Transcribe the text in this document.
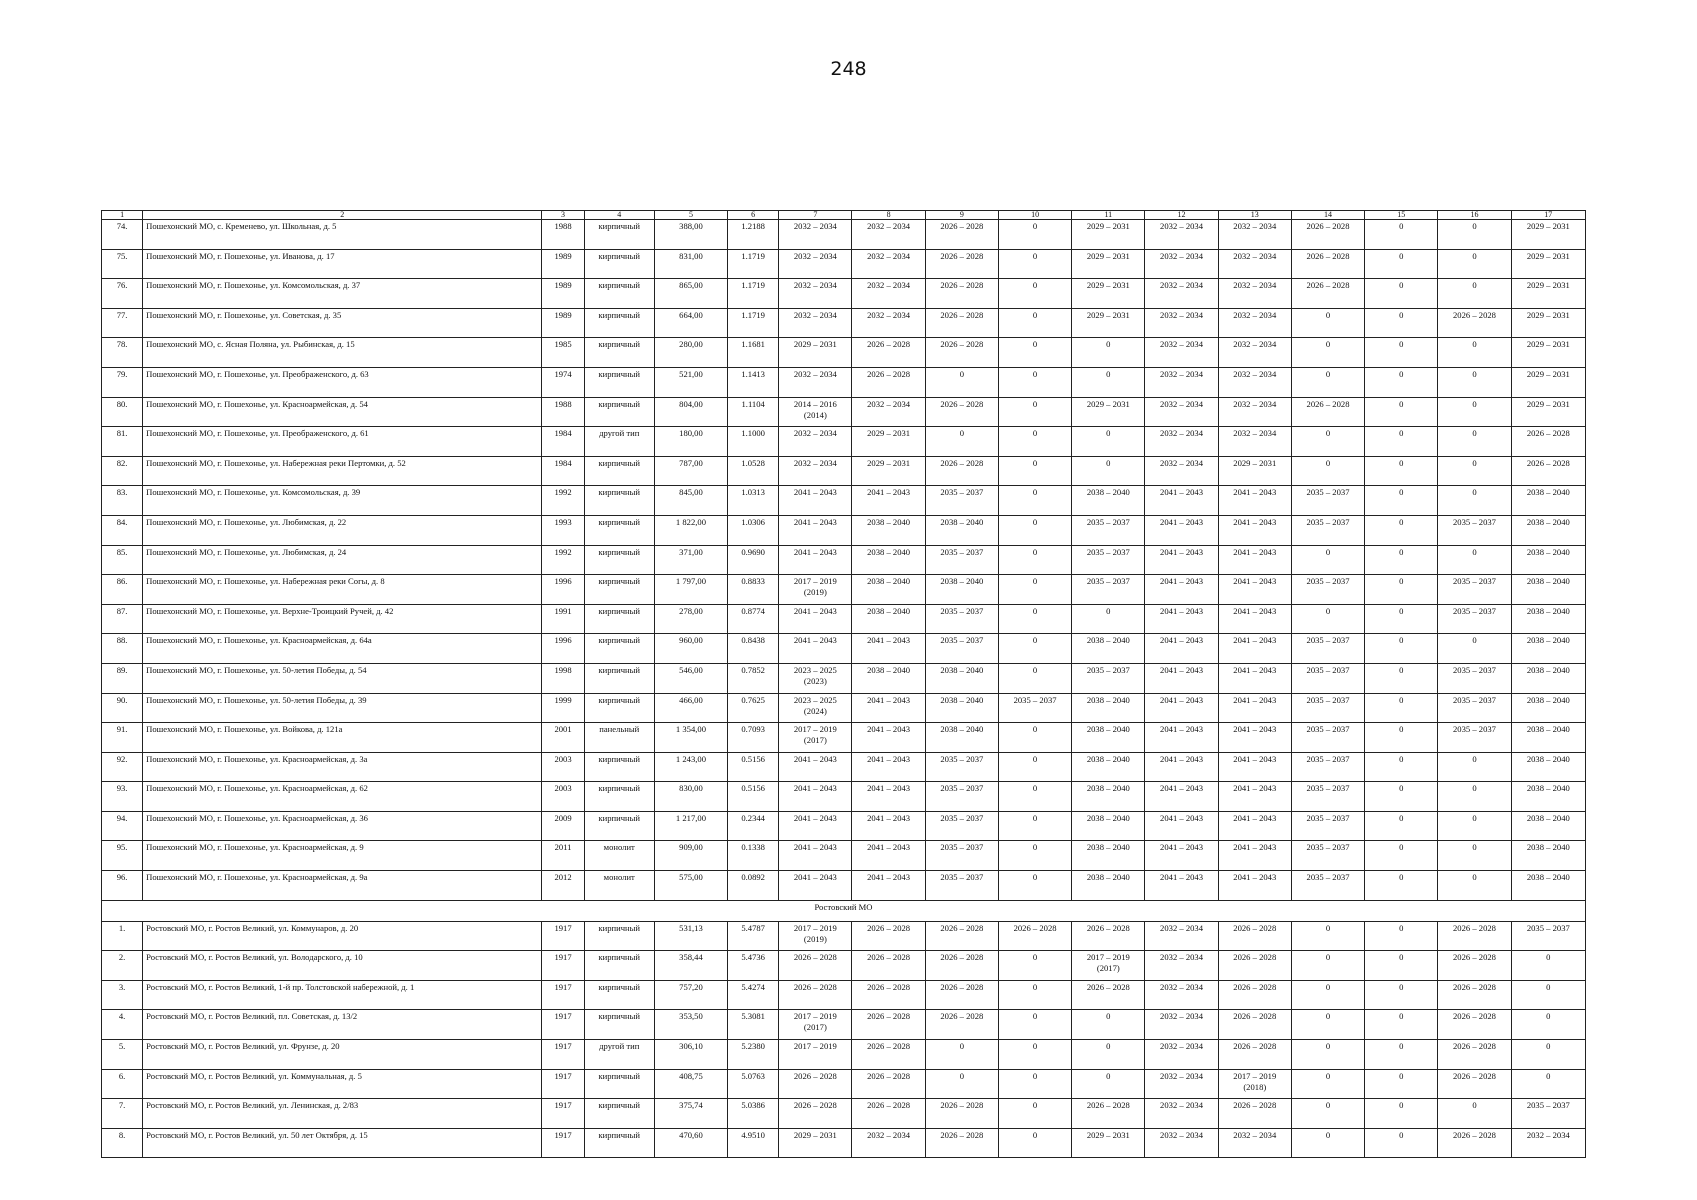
248
1	2	3	4	5	6	7	8	9	10	11	12	13	14	15	16	17

74.	Пошехонский МО, с. Кременево, ул. Школьная, д. 5	1988	кирпичный	388,00	1.2188	2032 – 2034	2032 – 2034	2026 – 2028	0	2029 – 2031	2032 – 2034	2032 – 2034	2026 – 2028	0	0	2029 – 2031

75.	Пошехонский МО, г. Пошехонье, ул. Иванова, д. 17	1989	кирпичный	831,00	1.1719	2032 – 2034	2032 – 2034	2026 – 2028	0	2029 – 2031	2032 – 2034	2032 – 2034	2026 – 2028	0	0	2029 – 2031

76.	Пошехонский МО, г. Пошехонье, ул. Комсомольская, д. 37	1989	кирпичный	865,00	1.1719	2032 – 2034	2032 – 2034	2026 – 2028	0	2029 – 2031	2032 – 2034	2032 – 2034	2026 – 2028	0	0	2029 – 2031

77.	Пошехонский МО, г. Пошехонье, ул. Советская, д. 35	1989	кирпичный	664,00	1.1719	2032 – 2034	2032 – 2034	2026 – 2028	0	2029 – 2031	2032 – 2034	2032 – 2034	0	0	2026 – 2028	2029 – 2031

78.	Пошехонский МО, с. Ясная Поляна, ул. Рыбинская, д. 15	1985	кирпичный	280,00	1.1681	2029 – 2031	2026 – 2028	2026 – 2028	0	0	2032 – 2034	2032 – 2034	0	0	0	2029 – 2031

79.	Пошехонский МО, г. Пошехонье, ул. Преображенского, д. 63	1974	кирпичный	521,00	1.1413	2032 – 2034	2026 – 2028	0	0	0	2032 – 2034	2032 – 2034	0	0	0	2029 – 2031

80.	Пошехонский МО, г. Пошехонье, ул. Красноармейская, д. 54	1988	кирпичный	804,00	1.1104	2014 – 2016
(2014)	2032 – 2034	2026 – 2028	0	2029 – 2031	2032 – 2034	2032 – 2034	2026 – 2028	0	0	2029 – 2031

81.	Пошехонский МО, г. Пошехонье, ул. Преображенского, д. 61	1984	другой тип	180,00	1.1000	2032 – 2034	2029 – 2031	0	0	0	2032 – 2034	2032 – 2034	0	0	0	2026 – 2028

82.	Пошехонский МО, г. Пошехонье, ул. Набережная реки Пертомки, д. 52	1984	кирпичный	787,00	1.0528	2032 – 2034	2029 – 2031	2026 – 2028	0	0	2032 – 2034	2029 – 2031	0	0	0	2026 – 2028

83.	Пошехонский МО, г. Пошехонье, ул. Комсомольская, д. 39	1992	кирпичный	845,00	1.0313	2041 – 2043	2041 – 2043	2035 – 2037	0	2038 – 2040	2041 – 2043	2041 – 2043	2035 – 2037	0	0	2038 – 2040

84.	Пошехонский МО, г. Пошехонье, ул. Любимская, д. 22	1993	кирпичный	1 822,00	1.0306	2041 – 2043	2038 – 2040	2038 – 2040	0	2035 – 2037	2041 – 2043	2041 – 2043	2035 – 2037	0	2035 – 2037	2038 – 2040

85.	Пошехонский МО, г. Пошехонье, ул. Любимская, д. 24	1992	кирпичный	371,00	0.9690	2041 – 2043	2038 – 2040	2035 – 2037	0	2035 – 2037	2041 – 2043	2041 – 2043	0	0	0	2038 – 2040

86.	Пошехонский МО, г. Пошехонье, ул. Набережная реки Согы, д. 8	1996	кирпичный	1 797,00	0.8833	2017 – 2019
(2019)	2038 – 2040	2038 – 2040	0	2035 – 2037	2041 – 2043	2041 – 2043	2035 – 2037	0	2035 – 2037	2038 – 2040

87.	Пошехонский МО, г. Пошехонье, ул. Верхне-Троицкий Ручей, д. 42	1991	кирпичный	278,00	0.8774	2041 – 2043	2038 – 2040	2035 – 2037	0	0	2041 – 2043	2041 – 2043	0	0	2035 – 2037	2038 – 2040

88.	Пошехонский МО, г. Пошехонье, ул. Красноармейская, д. 64а	1996	кирпичный	960,00	0.8438	2041 – 2043	2041 – 2043	2035 – 2037	0	2038 – 2040	2041 – 2043	2041 – 2043	2035 – 2037	0	0	2038 – 2040

89.	Пошехонский МО, г. Пошехонье, ул. 50-летия Победы, д. 54	1998	кирпичный	546,00	0.7852	2023 – 2025
(2023)	2038 – 2040	2038 – 2040	0	2035 – 2037	2041 – 2043	2041 – 2043	2035 – 2037	0	2035 – 2037	2038 – 2040

90.	Пошехонский МО, г. Пошехонье, ул. 50-летия Победы, д. 39	1999	кирпичный	466,00	0.7625	2023 – 2025
(2024)	2041 – 2043	2038 – 2040	2035 – 2037	2038 – 2040	2041 – 2043	2041 – 2043	2035 – 2037	0	2035 – 2037	2038 – 2040

91.	Пошехонский МО, г. Пошехонье, ул. Войкова, д. 121а	2001	панельный	1 354,00	0.7093	2017 – 2019
(2017)	2041 – 2043	2038 – 2040	0	2038 – 2040	2041 – 2043	2041 – 2043	2035 – 2037	0	2035 – 2037	2038 – 2040

92.	Пошехонский МО, г. Пошехонье, ул. Красноармейская, д. 3а	2003	кирпичный	1 243,00	0.5156	2041 – 2043	2041 – 2043	2035 – 2037	0	2038 – 2040	2041 – 2043	2041 – 2043	2035 – 2037	0	0	2038 – 2040

93.	Пошехонский МО, г. Пошехонье, ул. Красноармейская, д. 62	2003	кирпичный	830,00	0.5156	2041 – 2043	2041 – 2043	2035 – 2037	0	2038 – 2040	2041 – 2043	2041 – 2043	2035 – 2037	0	0	2038 – 2040

94.	Пошехонский МО, г. Пошехонье, ул. Красноармейская, д. 36	2009	кирпичный	1 217,00	0.2344	2041 – 2043	2041 – 2043	2035 – 2037	0	2038 – 2040	2041 – 2043	2041 – 2043	2035 – 2037	0	0	2038 – 2040

95.	Пошехонский МО, г. Пошехонье, ул. Красноармейская, д. 9	2011	монолит	909,00	0.1338	2041 – 2043	2041 – 2043	2035 – 2037	0	2038 – 2040	2041 – 2043	2041 – 2043	2035 – 2037	0	0	2038 – 2040

96.	Пошехонский МО, г. Пошехонье, ул. Красноармейская, д. 9а	2012	монолит	575,00	0.0892	2041 – 2043	2041 – 2043	2035 – 2037	0	2038 – 2040	2041 – 2043	2041 – 2043	2035 – 2037	0	0	2038 – 2040

Ростовский МО																

1.	Ростовский МО, г. Ростов Великий, ул. Коммунаров, д. 20	1917	кирпичный	531,13	5.4787	2017 – 2019
(2019)	2026 – 2028	2026 – 2028	2026 – 2028	2026 – 2028	2032 – 2034	2026 – 2028	0	0	2026 – 2028	2035 – 2037

2.	Ростовский МО, г. Ростов Великий, ул. Володарского, д. 10	1917	кирпичный	358,44	5.4736	2026 – 2028	2026 – 2028	2026 – 2028	0	2017 – 2019
(2017)	2032 – 2034	2026 – 2028	0	0	2026 – 2028	0

3.	Ростовский МО, г. Ростов Великий, 1-й пр. Толстовской набережной, д. 1	1917	кирпичный	757,20	5.4274	2026 – 2028	2026 – 2028	2026 – 2028	0	2026 – 2028	2032 – 2034	2026 – 2028	0	0	2026 – 2028	0

4.	Ростовский МО, г. Ростов Великий, пл. Советская, д. 13/2	1917	кирпичный	353,50	5.3081	2017 – 2019
(2017)	2026 – 2028	2026 – 2028	0	0	2032 – 2034	2026 – 2028	0	0	2026 – 2028	0

5.	Ростовский МО, г. Ростов Великий, ул. Фрунзе, д. 20	1917	другой тип	306,10	5.2380	2017 – 2019	2026 – 2028	0	0	0	2032 – 2034	2026 – 2028	0	0	2026 – 2028	0

6.	Ростовский МО, г. Ростов Великий, ул. Коммунальная, д. 5	1917	кирпичный	408,75	5.0763	2026 – 2028	2026 – 2028	0	0	0	2032 – 2034	2017 – 2019
(2018)	0	0	2026 – 2028	0

7.	Ростовский МО, г. Ростов Великий, ул. Ленинская, д. 2/83	1917	кирпичный	375,74	5.0386	2026 – 2028	2026 – 2028	2026 – 2028	0	2026 – 2028	2032 – 2034	2026 – 2028	0	0	0	2035 – 2037

8.	Ростовский МО, г. Ростов Великий, ул. 50 лет Октября, д. 15	1917	кирпичный	470,60	4.9510	2029 – 2031	2032 – 2034	2026 – 2028	0	2029 – 2031	2032 – 2034	2032 – 2034	0	0	2026 – 2028	2032 – 2034
